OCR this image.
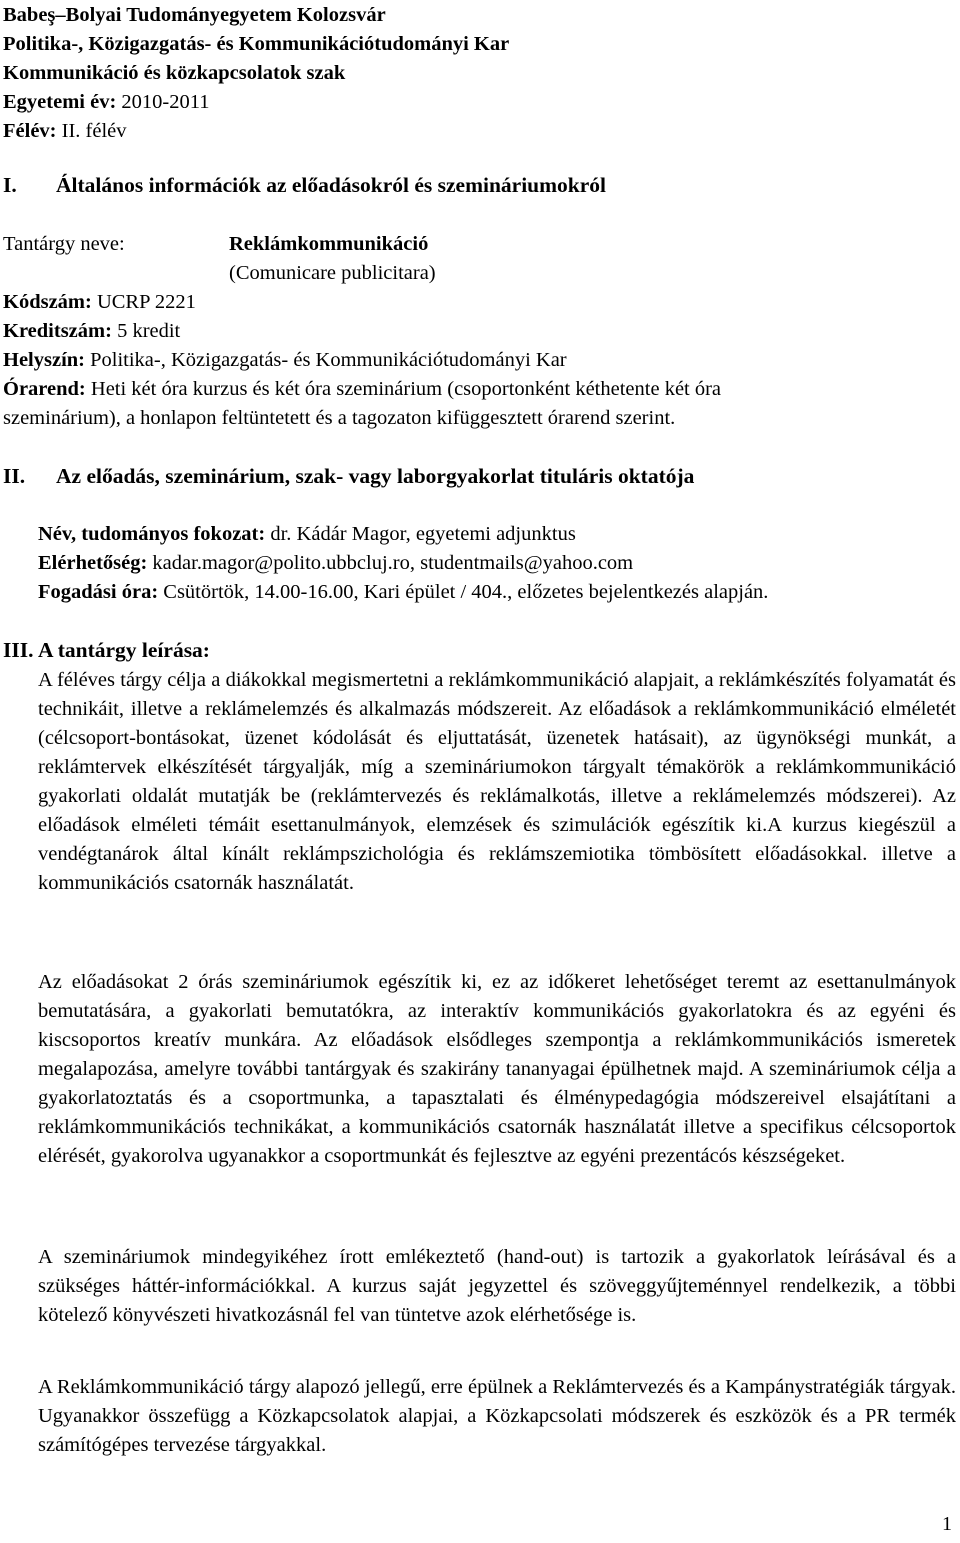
Babeş–Bolyai Tudományegyetem Kolozsvár
Politika-, Közigazgatás- és Kommunikációtudományi Kar
Kommunikáció és közkapcsolatok szak
Egyetemi év: 2010-2011
Félév: II. félév
I. Általános információk az előadásokról és szemináriumokról
Tantárgy neve:	Reklámkommunikáció
(Comunicare publicitara)
Kódszám: UCRP 2221
Kreditszám: 5 kredit
Helyszín: Politika-, Közigazgatás- és Kommunikációtudományi Kar
Órarend: Heti két óra kurzus és két óra szeminárium (csoportonként kéthetente két óra
szeminárium), a honlapon feltüntetett és a tagozaton kifüggesztett órarend szerint.
II. Az előadás, szeminárium, szak- vagy laborgyakorlat tituláris oktatója
Név, tudományos fokozat: dr. Kádár Magor, egyetemi adjunktus
Elérhetőség: kadar.magor@polito.ubbcluj.ro, studentmails@yahoo.com
Fogadási óra: Csütörtök, 14.00-16.00, Kari épület / 404., előzetes bejelentkezés alapján.
III. A tantárgy leírása:
A féléves tárgy célja a diákokkal megismertetni a reklámkommunikáció alapjait, a reklámkészítés folyamatát és technikáit, illetve a reklámelemzés és alkalmazás módszereit. Az előadások a reklámkommunikáció elméletét (célcsoport-bontásokat, üzenet kódolását és eljuttatását, üzenetek hatásait), az ügynökségi munkát, a reklámtervek elkészítését tárgyalják, míg a szemináriumokon tárgyalt témakörök a reklámkommunikáció gyakorlati oldalát mutatják be (reklámtervezés és reklámalkotás, illetve a reklámelemzés módszerei). Az előadások elméleti témáit esettanulmányok, elemzések és szimulációk egészítik ki.A kurzus kiegészül a vendégtanárok által kínált reklámpszichológia és reklámszemiotika tömbösített előadásokkal. illetve a kommunikációs csatornák használatát.
Az előadásokat 2 órás szemináriumok egészítik ki, ez az időkeret lehetőséget teremt az esettanulmányok bemutatására, a gyakorlati bemutatókra, az interaktív kommunikációs gyakorlatokra és az egyéni és kiscsoportos kreatív munkára. Az előadások elsődleges szempontja a reklámkommunikációs ismeretek megalapozása, amelyre további tantárgyak és szakirány tananyagai épülhetnek majd. A szemináriumok célja a gyakorlatoztatás és a csoportmunka, a tapasztalati és élménypedagógia módszereivel elsajátítani a reklámkommunikációs technikákat, a kommunikációs csatornák használatát illetve a specifikus célcsoportok elérését, gyakorolva ugyanakkor a csoportmunkát és fejlesztve az egyéni prezentácós készségeket.
A szemináriumok mindegyikéhez írott emlékeztető (hand-out) is tartozik a gyakorlatok leírásával és a szükséges háttér-információkkal. A kurzus saját jegyzettel és szöveggyűjteménnyel rendelkezik, a többi kötelező könyvészeti hivatkozásnál fel van tüntetve azok elérhetősége is.
A Reklámkommunikáció tárgy alapozó jellegű, erre épülnek a Reklámtervezés és a Kampánystratégiák tárgyak. Ugyanakkor összefügg a Közkapcsolatok alapjai, a Közkapcsolati módszerek és eszközök és a PR termék számítógépes tervezése tárgyakkal.
1
